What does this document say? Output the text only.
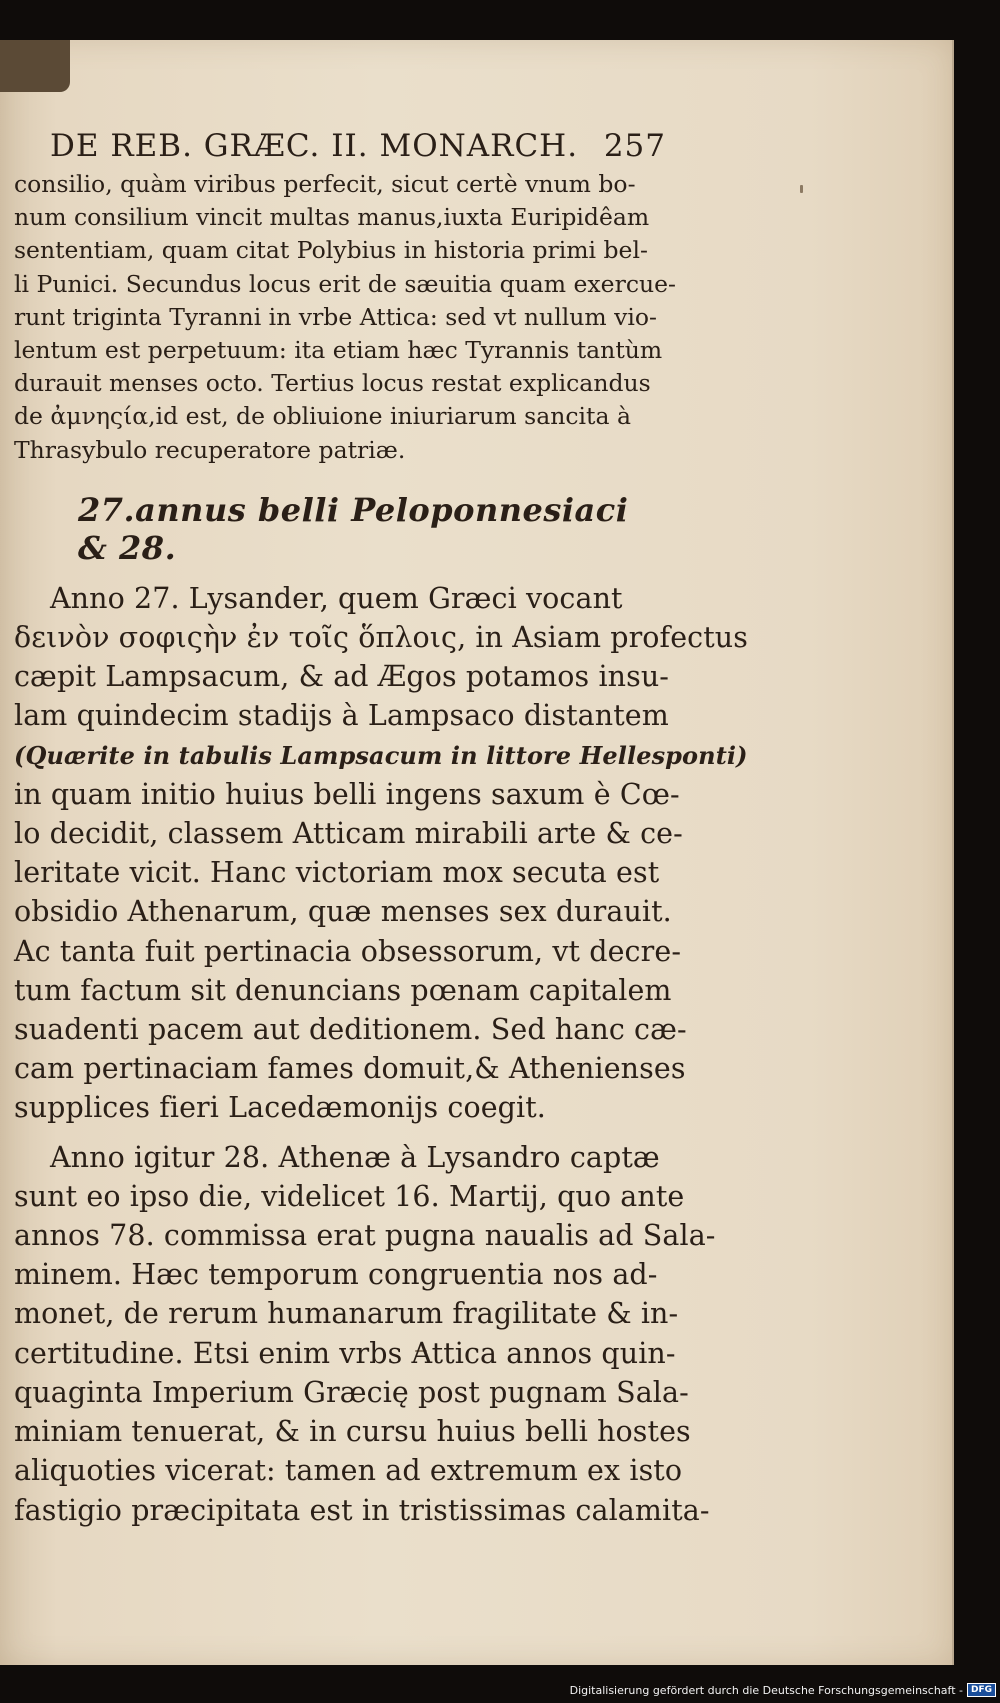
DE REB. GRÆC. II. MONARCH. 257

consilio, quàm viribus perfecit, sicut certè vnum bo-
num consilium vincit multas manus,iuxta Euripidêam
sententiam, quam citat Polybius in historia primi bel-
li Punici. Secundus locus erit de sæuitia quam exercue-
runt triginta Tyranni in vrbe Attica: sed vt nullum vio-
lentum est perpetuum: ita etiam hæc Tyrannis tantùm
durauit menses octo. Tertius locus restat explicandus
de ἀμνηςία,id est, de obliuione iniuriarum sancita à
Thrasybulo recuperatore patriæ.

27.annus belli Peloponnesiaci & 28.

Anno 27. Lysander, quem Græci vocant
δεινὸν σοφιςὴν ἐν τοῖς ὅπλοις, in Asiam profectus
cæpit Lampsacum, & ad Ægos potamos insu-
lam quindecim stadijs à Lampsaco distantem
(Quærite in tabulis Lampsacum in littore Hellesponti)
in quam initio huius belli ingens saxum è Cœ-
lo decidit, classem Atticam mirabili arte & ce-
leritate vicit. Hanc victoriam mox secuta est
obsidio Athenarum, quæ menses sex durauit.
Ac tanta fuit pertinacia obsessorum, vt decre-
tum factum sit denuncians pœnam capitalem
suadenti pacem aut deditionem. Sed hanc cæ-
cam pertinaciam fames domuit,& Athenienses
supplices fieri Lacedæmonijs coegit.

Anno igitur 28. Athenæ à Lysandro captæ
sunt eo ipso die, videlicet 16. Martij, quo ante
annos 78. commissa erat pugna naualis ad Sala-
minem. Hæc temporum congruentia nos ad-
monet, de rerum humanarum fragilitate & in-
certitudine. Etsi enim vrbs Attica annos quin-
quaginta Imperium Græcię post pugnam Sala-
miniam tenuerat, & in cursu huius belli hostes
aliquoties vicerat: tamen ad extremum ex isto
fastigio præcipitata est in tristissimas calamita-

Digitalisierung gefördert durch die Deutsche Forschungsgemeinschaft - DFG
